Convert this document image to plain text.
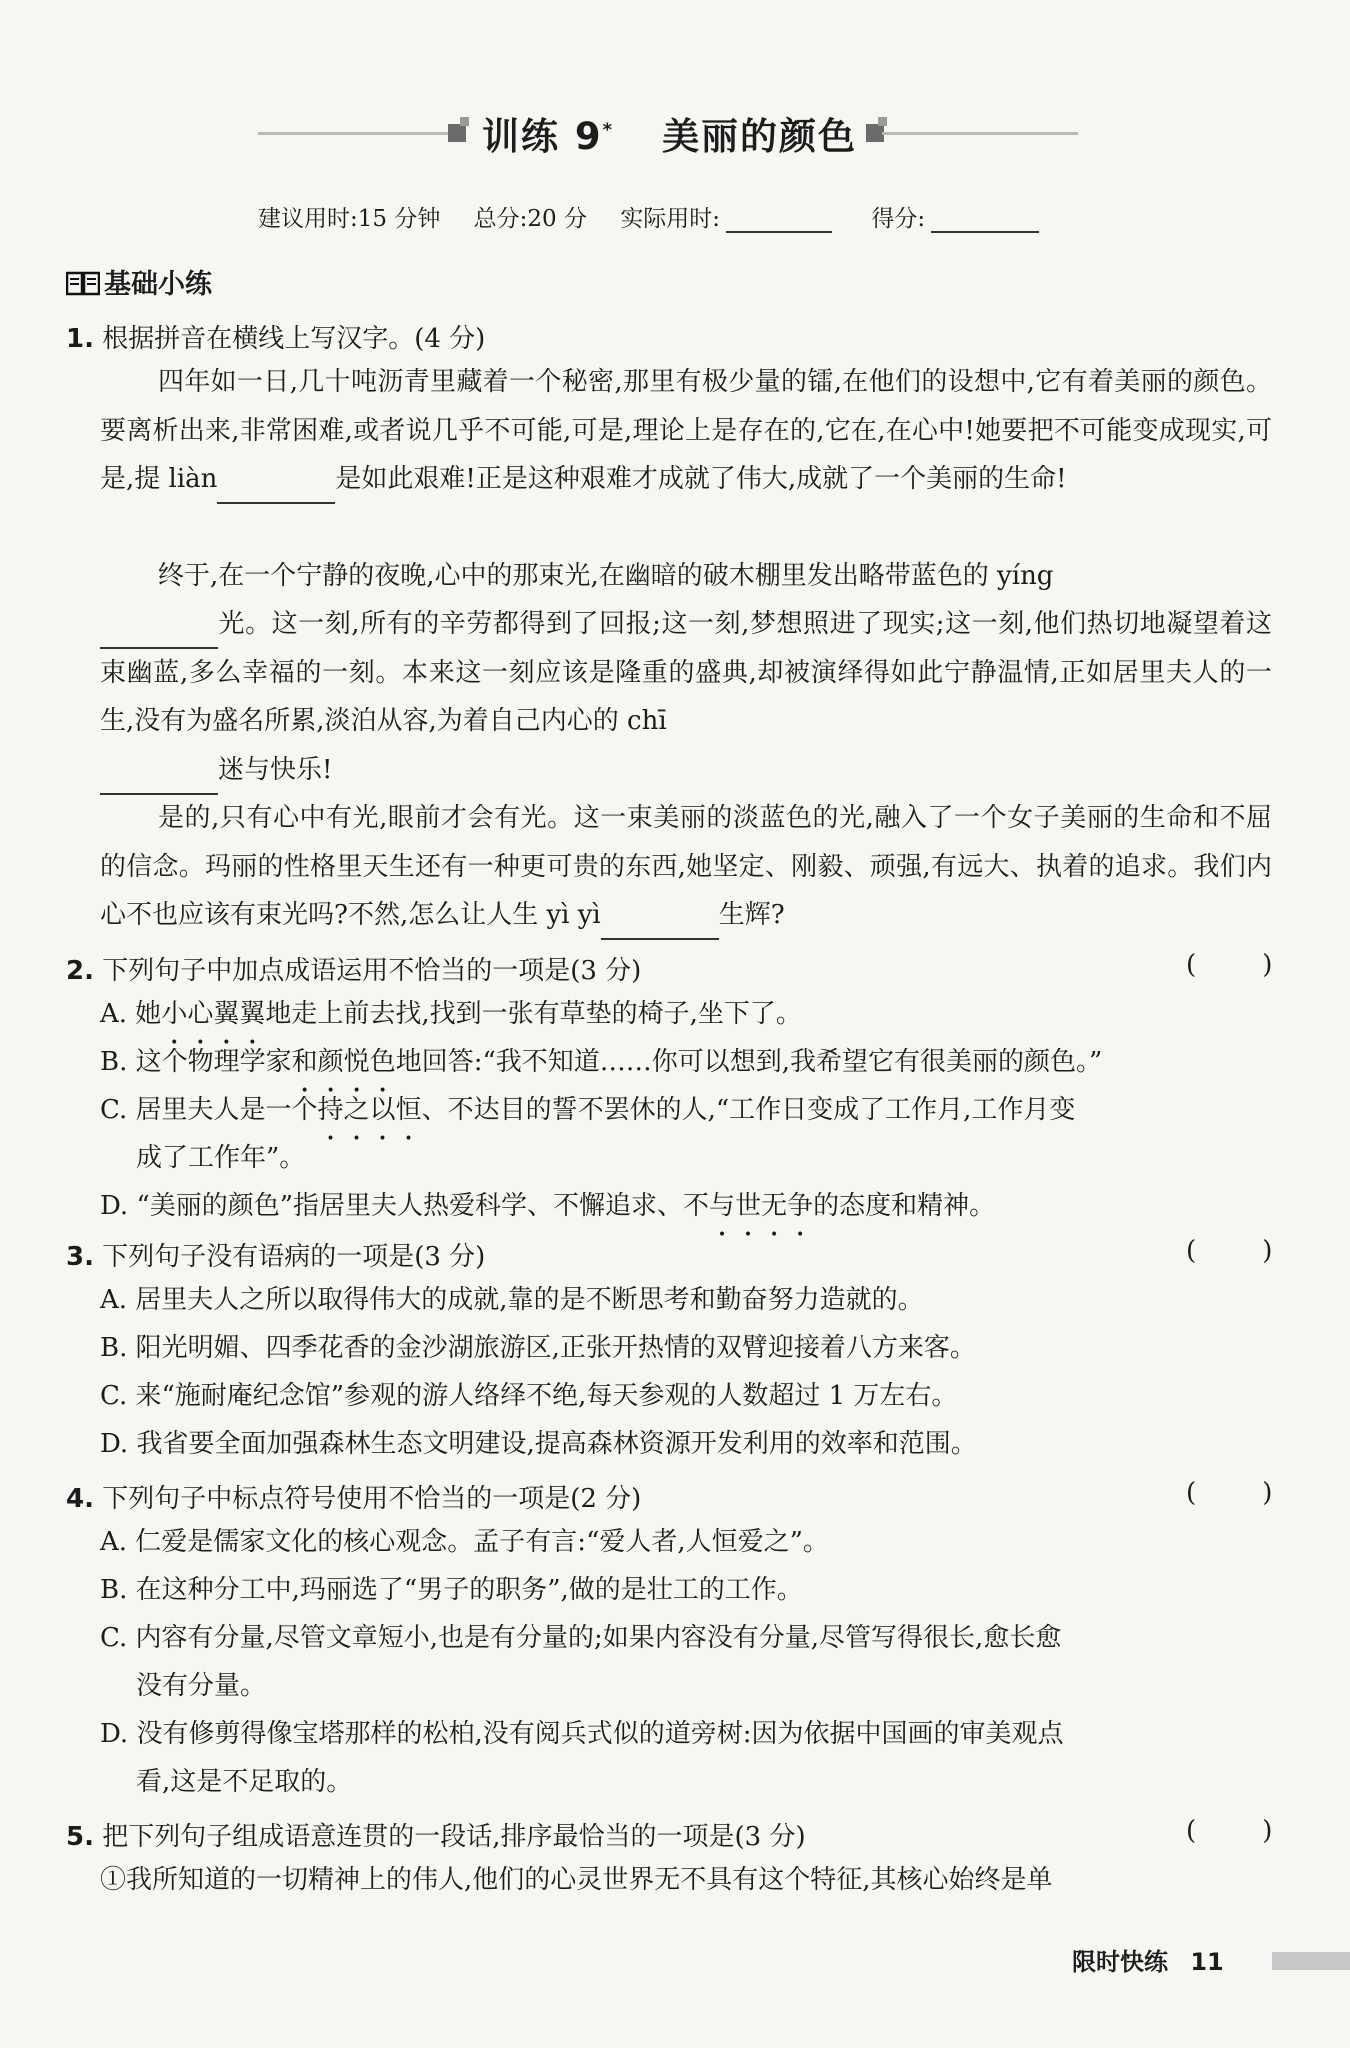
训练 9* 美丽的颜色
建议用时:15 分钟 总分:20 分 实际用时:	得分:
基础小练
1. 根据拼音在横线上写汉字。(4 分)
四年如一日,几十吨沥青里藏着一个秘密,那里有极少量的镭,在他们的设想中,它有着美丽的颜色。要离析出来,非常困难,或者说几乎不可能,可是,理论上是存在的,它在,在心中!她要把不可能变成现实,可是,提 liàn	是如此艰难!正是这种艰难才成就了伟大,成就了一个美丽的生命!
终于,在一个宁静的夜晚,心中的那束光,在幽暗的破木棚里发出略带蓝色的 yíng
光。这一刻,所有的辛劳都得到了回报;这一刻,梦想照进了现实;这一刻,他们热切地凝望着这束幽蓝,多么幸福的一刻。本来这一刻应该是隆重的盛典,却被演绎得如此宁静温情,正如居里夫人的一生,没有为盛名所累,淡泊从容,为着自己内心的 chī
迷与快乐!
是的,只有心中有光,眼前才会有光。这一束美丽的淡蓝色的光,融入了一个女子美丽的生命和不屈的信念。玛丽的性格里天生还有一种更可贵的东西,她坚定、刚毅、顽强,有远大、执着的追求。我们内心不也应该有束光吗?不然,怎么让人生 yì yì	生辉?
2. 下列句子中加点成语运用不恰当的一项是(3 分)	(        )
A. 她小心翼翼地走上前去找,找到一张有草垫的椅子,坐下了。
B. 这个物理学家和颜悦色地回答:“我不知道……你可以想到,我希望它有很美丽的颜色。”
C. 居里夫人是一个持之以恒、不达目的誓不罢休的人,“工作日变成了工作月,工作月变
成了工作年”。
D. “美丽的颜色”指居里夫人热爱科学、不懈追求、不与世无争的态度和精神。
3. 下列句子没有语病的一项是(3 分)	(        )
A. 居里夫人之所以取得伟大的成就,靠的是不断思考和勤奋努力造就的。
B. 阳光明媚、四季花香的金沙湖旅游区,正张开热情的双臂迎接着八方来客。
C. 来“施耐庵纪念馆”参观的游人络绎不绝,每天参观的人数超过 1 万左右。
D. 我省要全面加强森林生态文明建设,提高森林资源开发利用的效率和范围。
4. 下列句子中标点符号使用不恰当的一项是(2 分)	(        )
A. 仁爱是儒家文化的核心观念。孟子有言:“爱人者,人恒爱之”。
B. 在这种分工中,玛丽选了“男子的职务”,做的是壮工的工作。
C. 内容有分量,尽管文章短小,也是有分量的;如果内容没有分量,尽管写得很长,愈长愈
没有分量。
D. 没有修剪得像宝塔那样的松柏,没有阅兵式似的道旁树:因为依据中国画的审美观点
看,这是不足取的。
5. 把下列句子组成语意连贯的一段话,排序最恰当的一项是(3 分)	(        )
①我所知道的一切精神上的伟人,他们的心灵世界无不具有这个特征,其核心始终是单
限时快练 11
